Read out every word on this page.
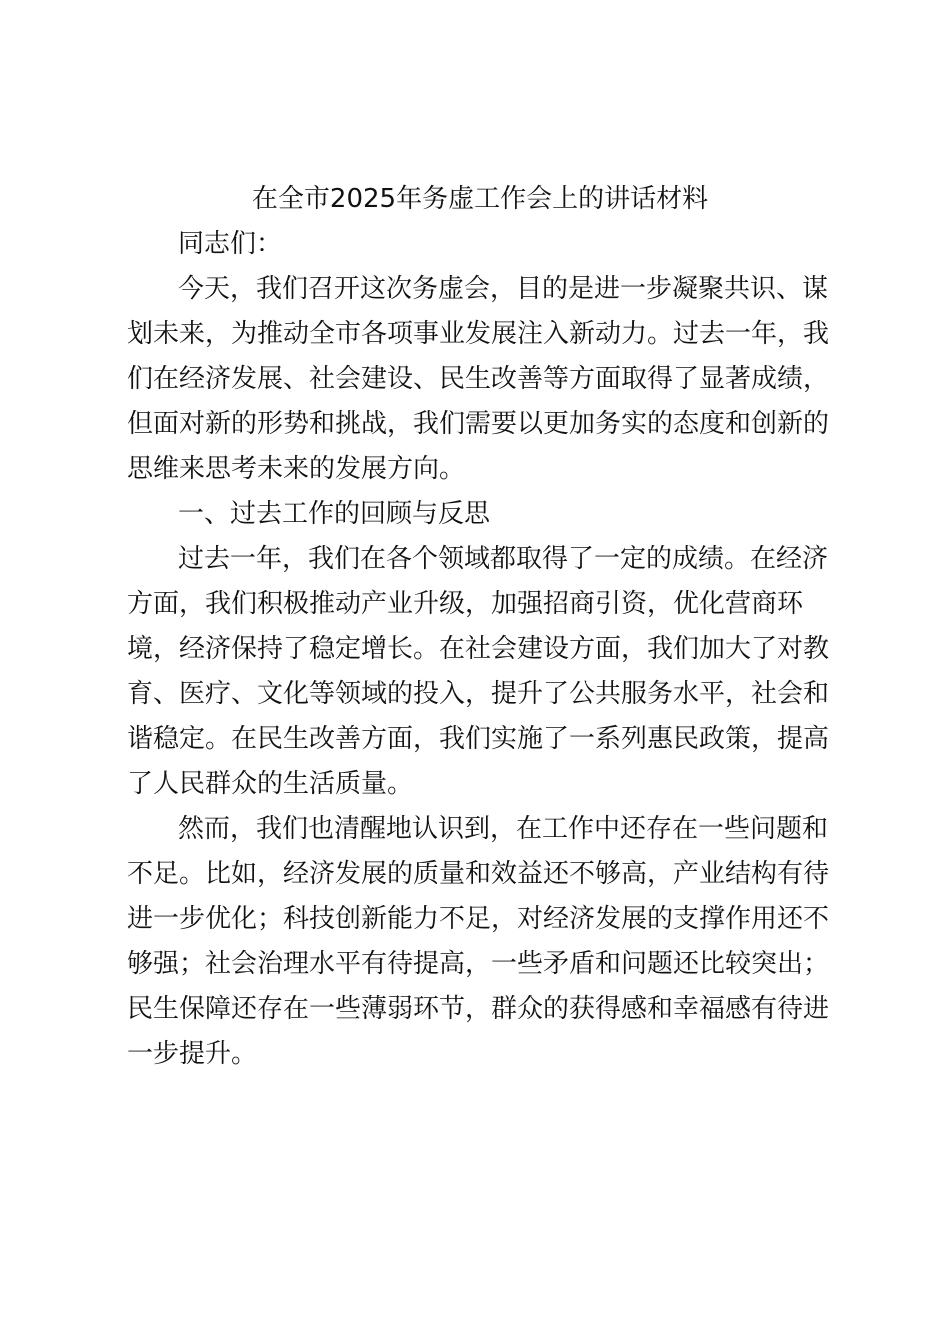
在全市2025年务虚工作会上的讲话材料

同志们：

今天，我们召开这次务虚会，目的是进一步凝聚共识、谋

划未来，为推动全市各项事业发展注入新动力。过去一年，我

们在经济发展、社会建设、民生改善等方面取得了显著成绩，

但面对新的形势和挑战，我们需要以更加务实的态度和创新的

思维来思考未来的发展方向。

一、过去工作的回顾与反思

过去一年，我们在各个领域都取得了一定的成绩。在经济

方面，我们积极推动产业升级，加强招商引资，优化营商环

境，经济保持了稳定增长。在社会建设方面，我们加大了对教

育、医疗、文化等领域的投入，提升了公共服务水平，社会和

谐稳定。在民生改善方面，我们实施了一系列惠民政策，提高

了人民群众的生活质量。

然而，我们也清醒地认识到，在工作中还存在一些问题和

不足。比如，经济发展的质量和效益还不够高，产业结构有待

进一步优化；科技创新能力不足，对经济发展的支撑作用还不

够强；社会治理水平有待提高，一些矛盾和问题还比较突出；

民生保障还存在一些薄弱环节，群众的获得感和幸福感有待进

一步提升。
